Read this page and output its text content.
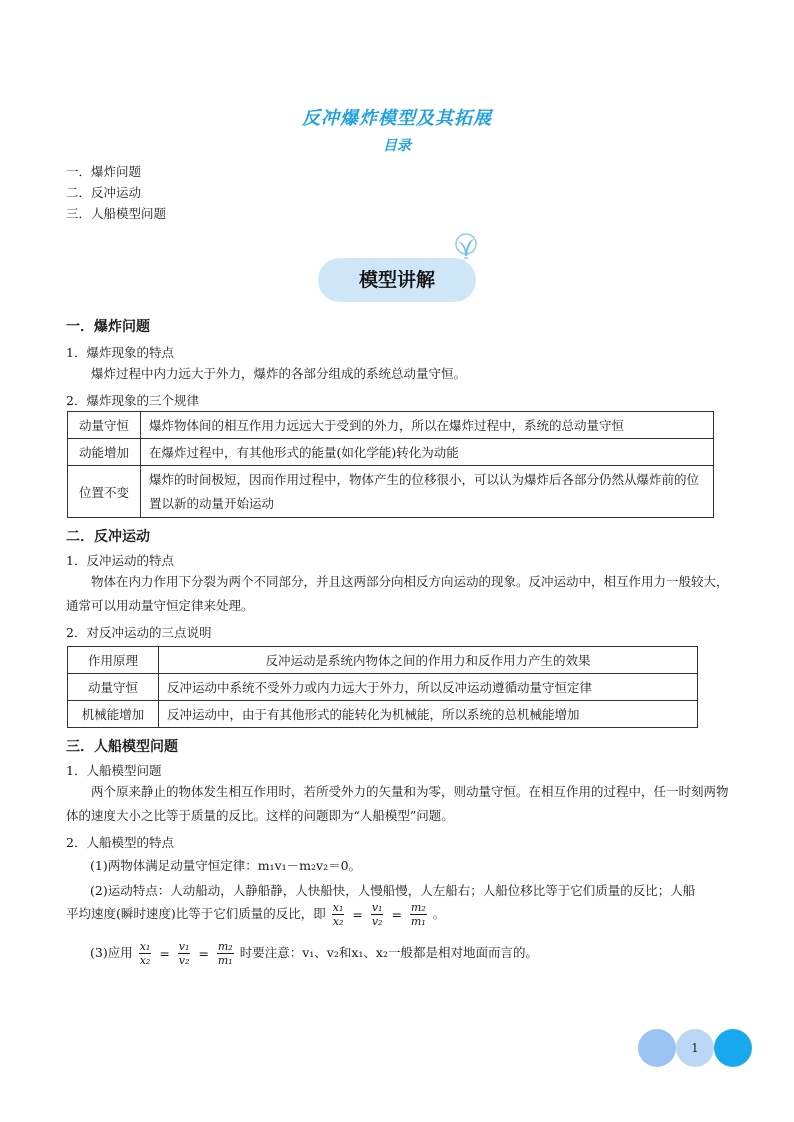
反冲爆炸模型及其拓展
目录
一．爆炸问题
二．反冲运动
三．人船模型问题
模型讲解
一．爆炸问题
1．爆炸现象的特点
爆炸过程中内力远大于外力，爆炸的各部分组成的系统总动量守恒。
2．爆炸现象的三个规律
动量守恒	爆炸物体间的相互作用力远远大于受到的外力，所以在爆炸过程中，系统的总动量守恒
动能增加	在爆炸过程中，有其他形式的能量(如化学能)转化为动能
位置不变	爆炸的时间极短，因而作用过程中，物体产生的位移很小，可以认为爆炸后各部分仍然从爆炸前的位置以新的动量开始运动
二．反冲运动
1．反冲运动的特点
物体在内力作用下分裂为两个不同部分，并且这两部分向相反方向运动的现象。反冲运动中，相互作用力一般较大，通常可以用动量守恒定律来处理。
2．对反冲运动的三点说明
作用原理	反冲运动是系统内物体之间的作用力和反作用力产生的效果
动量守恒	反冲运动中系统不受外力或内力远大于外力，所以反冲运动遵循动量守恒定律
机械能增加	反冲运动中，由于有其他形式的能转化为机械能，所以系统的总机械能增加
三．人船模型问题
1．人船模型问题
两个原来静止的物体发生相互作用时，若所受外力的矢量和为零，则动量守恒。在相互作用的过程中，任一时刻两物体的速度大小之比等于质量的反比。这样的问题即为“人船模型”问题。
2．人船模型的特点
(1)两物体满足动量守恒定律：m₁v₁－m₂v₂＝0。
(2)运动特点：人动船动，人静船静，人快船快，人慢船慢，人左船右；人船位移比等于它们质量的反比；人船
平均速度(瞬时速度)比等于它们质量的反比，即 $\frac{\text{x₁}}{\text{x₂}} = \frac{\text{v₁}}{\text{v₂}} = \frac{\text{m₂}}{\text{m₁}}$ 。
(3)应用 $\frac{\text{x₁}}{\text{x₂}} = \frac{\text{v₁}}{\text{v₂}} = \frac{\text{m₂}}{\text{m₁}}$ 时要注意：v₁、v₂和x₁、x₂一般都是相对地面而言的。
1
